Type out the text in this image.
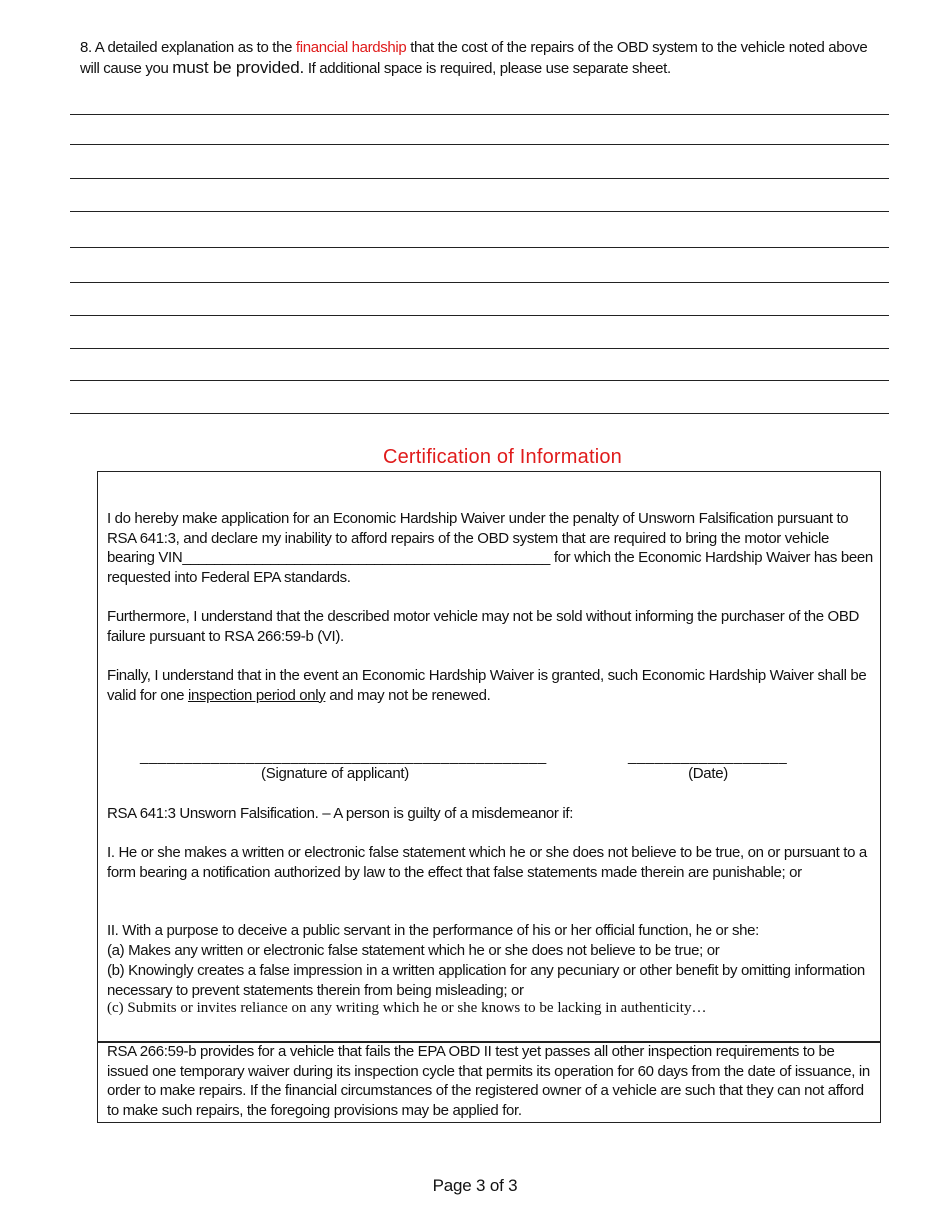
8. A detailed explanation as to the financial hardship that the cost of the repairs of the OBD system to the vehicle noted above will cause you must be provided. If additional space is required, please use separate sheet.
Certification of Information
I do hereby make application for an Economic Hardship Waiver under the penalty of Unsworn Falsification pursuant to RSA 641:3, and declare my inability to afford repairs of the OBD system that are required to bring the motor vehicle bearing VIN______________________________________________ for which the Economic Hardship Waiver has been requested into Federal EPA standards.
Furthermore, I understand that the described motor vehicle may not be sold without informing the purchaser of the OBD failure pursuant to RSA 266:59-b (VI).
Finally, I understand that in the event an Economic Hardship Waiver is granted, such Economic Hardship Waiver shall be valid for one inspection period only and may not be renewed.
______________________________________________
(Signature of applicant)
__________________
(Date)
RSA 641:3 Unsworn Falsification. – A person is guilty of a misdemeanor if:
I. He or she makes a written or electronic false statement which he or she does not believe to be true, on or pursuant to a form bearing a notification authorized by law to the effect that false statements made therein are punishable; or
II. With a purpose to deceive a public servant in the performance of his or her official function, he or she:
(a) Makes any written or electronic false statement which he or she does not believe to be true; or
(b) Knowingly creates a false impression in a written application for any pecuniary or other benefit by omitting information necessary to prevent statements therein from being misleading; or
(c) Submits or invites reliance on any writing which he or she knows to be lacking in authenticity…
RSA 266:59-b provides for a vehicle that fails the EPA OBD II test yet passes all other inspection requirements to be issued one temporary waiver during its inspection cycle that permits its operation for 60 days from the date of issuance, in order to make repairs. If the financial circumstances of the registered owner of a vehicle are such that they can not afford to make such repairs, the foregoing provisions may be applied for.
Page 3 of 3
